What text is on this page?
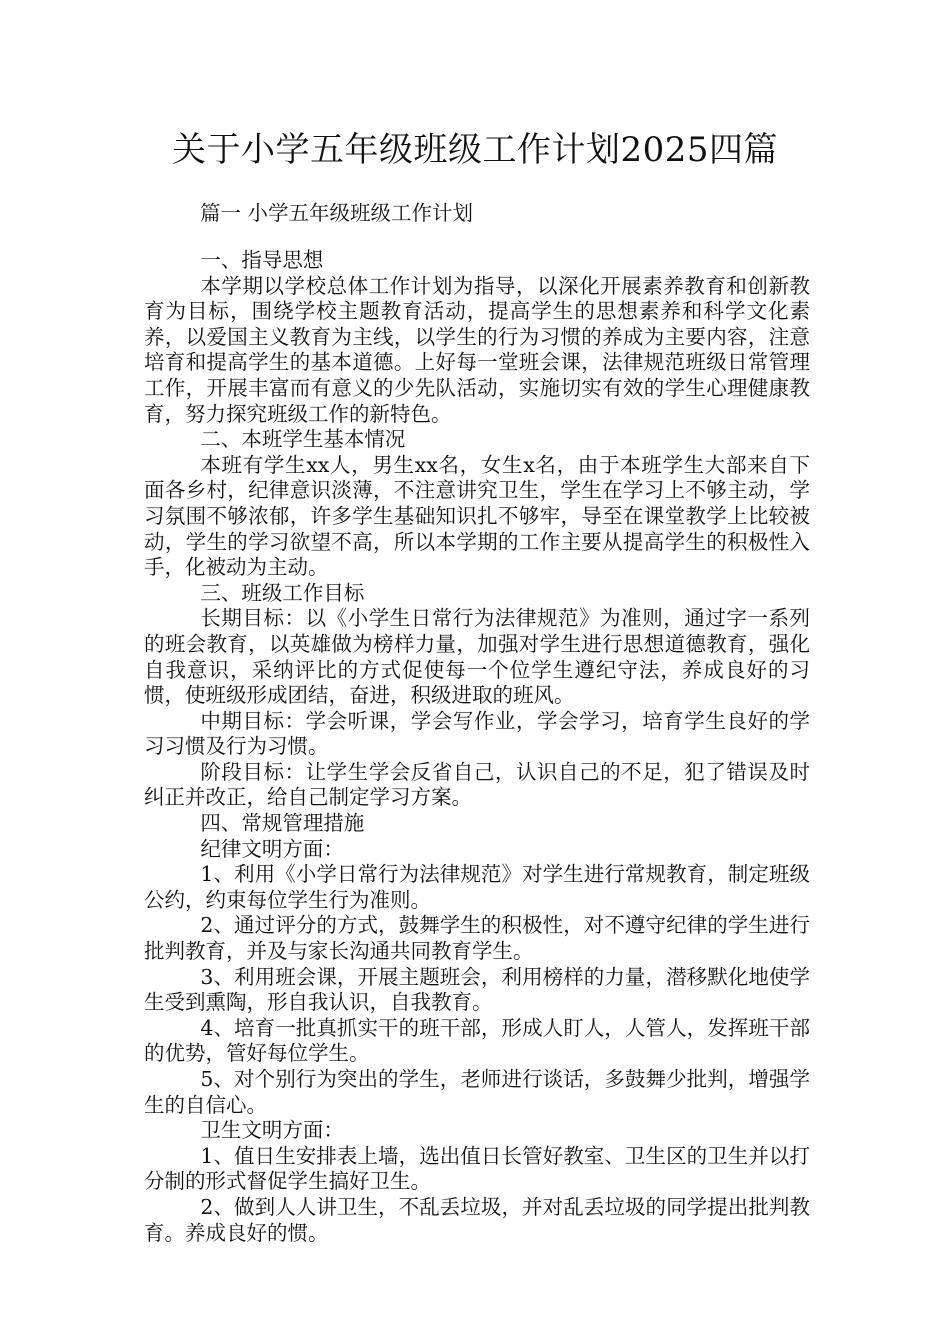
关于小学五年级班级工作计划2025四篇
篇一 小学五年级班级工作计划

一、指导思想

本学期以学校总体工作计划为指导，以深化开展素养教育和创新教育为目标，围绕学校主题教育活动，提高学生的思想素养和科学文化素养，以爱国主义教育为主线，以学生的行为习惯的养成为主要内容，注意培育和提高学生的基本道德。上好每一堂班会课，法律规范班级日常管理工作，开展丰富而有意义的少先队活动，实施切实有效的学生心理健康教育，努力探究班级工作的新特色。

二、本班学生基本情况

本班有学生xx人，男生xx名，女生x名，由于本班学生大部来自下面各乡村，纪律意识淡薄，不注意讲究卫生，学生在学习上不够主动，学习氛围不够浓郁，许多学生基础知识扎不够牢，导至在课堂教学上比较被动，学生的学习欲望不高，所以本学期的工作主要从提高学生的积极性入手，化被动为主动。

三、班级工作目标

长期目标：以《小学生日常行为法律规范》为准则，通过字一系列的班会教育，以英雄做为榜样力量，加强对学生进行思想道德教育，强化自我意识，采纳评比的方式促使每一个位学生遵纪守法，养成良好的习惯，使班级形成团结，奋进，积级进取的班风。

中期目标：学会听课，学会写作业，学会学习，培育学生良好的学习习惯及行为习惯。

阶段目标：让学生学会反省自己，认识自己的不足，犯了错误及时纠正并改正，给自己制定学习方案。

四、常规管理措施

纪律文明方面：

1、利用《小学日常行为法律规范》对学生进行常规教育，制定班级公约，约束每位学生行为准则。

2、通过评分的方式，鼓舞学生的积极性，对不遵守纪律的学生进行批判教育，并及与家长沟通共同教育学生。

3、利用班会课，开展主题班会，利用榜样的力量，潜移默化地使学生受到熏陶，形自我认识，自我教育。

4、培育一批真抓实干的班干部，形成人盯人，人管人，发挥班干部的优势，管好每位学生。

5、对个别行为突出的学生，老师进行谈话，多鼓舞少批判，增强学生的自信心。

卫生文明方面：

1、值日生安排表上墙，选出值日长管好教室、卫生区的卫生并以打分制的形式督促学生搞好卫生。

2、做到人人讲卫生，不乱丢垃圾，并对乱丢垃圾的同学提出批判教育。养成良好的惯。
